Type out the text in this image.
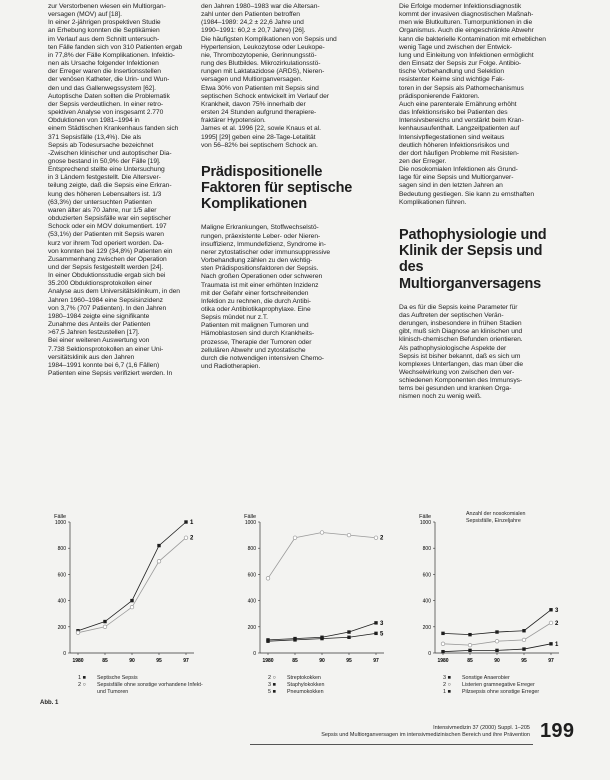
zur Verstorbenen wiesen ein Multiorgan-
versagen (MOV) auf [18].
In einer 2-jährigen prospektiven Studie
an Erhebung konnten die Septikämien
im Verlauf aus dem Schnitt untersuch-
ten Fälle fanden sich von 310 Patienten ergab
in 77,8% der Fälle Komplikationen. Infektio-
nen als Ursache folgender Infektionen
der Erreger waren die Insertionsstellen
der venösen Katheter, die Urin- und Wun-
den und das Gallenwegssystem [62].
Autoptische Daten sollten die Problematik
der Sepsis verdeutlichen. In einer retro-
spektiven Analyse von insgesamt 2.770
Obduktionen von 1981–1994 in
einem Städtischen Krankenhaus fanden sich
371 Sepsisfälle (13,4%). Die als
Sepsis ab Todesursache bezeichnet
-Zwischen klinischer und autoptischer Dia-
gnose bestand in 50,9% der Fälle [19].
Entsprechend stellte eine Untersuchung
in 3 Ländern festgestellt. Die Altersver-
teilung zeigte, daß die Sepsis eine Erkran-
kung des höheren Lebensalters ist. 1/3
(63,3%) der untersuchten Patienten
waren älter als 70 Jahre, nur 1/5 aller
obduzierten Sepsisfälle war ein septischer
Schock oder ein MOV dokumentiert. 197
(53,1%) der Patienten mit Sepsis waren
kurz vor ihrem Tod operiert worden. Da-
von konnten bei 129 (34,8%) Patienten ein
Zusammenhang zwischen der Operation
und der Sepsis festgestellt werden [24].
In einer Obduktionsstudie ergab sich bei
35.200 Obduktionsprotokollen einer
Analyse aus dem Universitätsklinikum, in den
Jahren 1960–1984 eine Sepsisinzidenz
von 3,7% (707 Patienten). In den Jahren
1980–1984 zeigte eine signifikante
Zunahme des Anteils der Patienten
>67,5 Jahren festzustellen [17].
Bei einer weiteren Auswertung von
7.738 Sektionsprotokollen an einer Uni-
versitätsklinik aus den Jahren
1984–1991 konnte bei 6,7 (1,6 Fällen)
Patienten eine Sepsis verifiziert werden. In

den Jahren 1980–1983 war die Altersan-
zahl unter den Patienten betroffen
(1984–1989: 24,2 ± 22,6 Jahre und
1990–1991: 60,2 ± 20,7 Jahre) [26].
Die häufigsten Komplikationen von Sepsis und
Hypertension, Leukozytose oder Leukope-
nie, Thrombozytopenie, Gerinnungsstö-
rung des Blutbildes. Mikrozirkulationsstö-
rungen mit Laktatazidose (ARDS), Nieren-
versagen und Multiorganversagen.
Etwa 30% von Patienten mit Sepsis sind
septischen Schock entwickelt im Verlauf der
Krankheit, davon 75% innerhalb der
ersten 24 Stunden aufgrund therapiere-
fraktärer Hypotension.
James et al. 1996 [22, sowie Knaus et al.
1995] [29] geben eine 28-Tage-Letalität
von 56–82% bei septischem Schock an.

Prädispositionelle
Faktoren für septische
Komplikationen

Maligne Erkrankungen, Stoffwechselstö-
rungen, präexistente Leber- oder Nieren-
insuffizienz, Immundefizienz, Syndrome in-
nerer zytostatischer oder immunsuppressive
Vorbehandlung zählen zu den wichtig-
sten Prädispositionsfaktoren der Sepsis.
Nach großen Operationen oder schweren
Traumata ist mit einer erhöhten Inzidenz
mit der Gefahr einer fortschreitenden
Infektion zu rechnen, die durch Antibi-
otika oder Antibiotikaprophylaxe. Eine
Sepsis mündet nur z.T.
Patienten mit malignen Tumoren und
Hämoblastosen sind durch Krankheits-
prozesse, Therapie der Tumoren oder
zellulären Abwehr und zytostatische
durch die notwendigen intensiven Chemo-
und Radiotherapien.

Die Erfolge moderner Infektionsdiagnostik
kommt der invasiven diagnostischen Maßnah-
men wie Blutkulturen. Tumorpunktionen in die
Organismus. Auch die eingeschränkte Abwehr
kann die bakterielle Kontamination mit erheblichen
wenig Tage und zwischen der Entwick-
lung und Einleitung von Infektionen ermöglicht
den Einsatz der Sepsis zur Folge. Antibio-
tische Vorbehandlung und Selektion
resistenter Keime sind wichtige Fak-
toren in der Sepsis als Pathomechanismus
prädisponierende Faktoren.
Auch eine parenterale Ernährung erhöht
das Infektionsrisiko bei Patienten des
Intensivsbereichs und verstärkt beim Kran-
kenhausaufenthalt. Langzeitpatienten auf
Intensivpflegestationen sind weitaus
deutlich höheren Infektionsrisikos und
der dort häufigen Probleme mit Resisten-
zen der Erreger.
Die nosokomialen Infektionen als Grund-
lage für eine Sepsis und Multiorganver-
sagen sind in den letzten Jahren an
Bedeutung gestiegen. Sie kann zu ernsthaften
Komplikationen führen.

Pathophysiologie und
Klinik der Sepsis und des
Multiorganversagens

Da es für die Sepsis keine Parameter für
das Auftreten der septischen Verän-
derungen, insbesondere in frühen Stadien
gibt, muß sich Diagnose an klinischen und
klinisch-chemischen Befunden orientieren.
Als pathophysiologische Aspekte der
Sepsis ist bisher bekannt, daß es sich um
komplexes Unterfangen, das man über die
Wechselwirkung von zwischen den ver-
schiedenen Komponenten des Immunsys-
tems bei gesunden und kranken Orga-
nismen noch zu wenig weiß.

Fälle
0
200
400
600
800
1000
1980	85	90	95	97
1
2
1 ■	Septische Sepsis
2 ○	Sepsisfälle ohne sonstige vorhandene Infekt- und Tumoren
Fälle
0
200
400
600
800
1000
1980	85	90	95	97
2
3
5
2 ○	Streptokokken
3 ■	Staphylokokken
5 ■	Pneumokokken
Fälle
0
200
400
600
800
1000
1980	85	90	95	97
3
2
1
3 ■	Sonstige Anaerobier
2 ○	Listerien gramnegative Erreger
1 ■	Pilzsepsis ohne sonstige Erreger
Anzahl der nosokomialen
Sepsisfälle, Einzeljahre
Abb. 1
Intensivmedizin 37 (2000) Suppl. 1–205
Sepsis und Multiorganversagen im intensivmedizinischen Bereich und ihre Prävention 199
